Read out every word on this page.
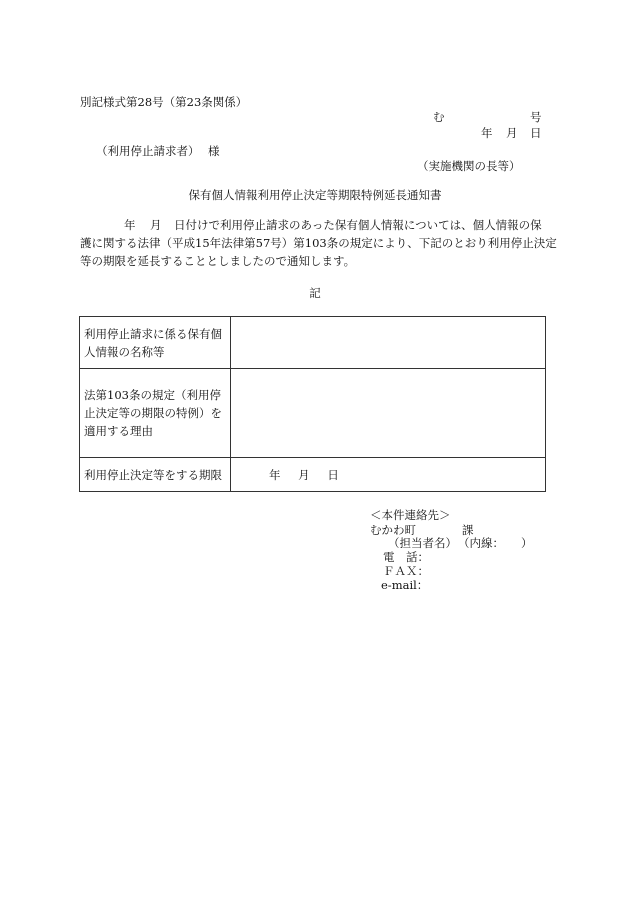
別記様式第28号（第23条関係）
む	号
年 月 日
（利用停止請求者） 様
（実施機関の長等）
保有個人情報利用停止決定等期限特例延長通知書
年 月 日付けで利用停止請求のあった保有個人情報については、個人情報の保
護に関する法律（平成15年法律第57号）第103条の規定により、下記のとおり利用停止決定
等の期限を延長することとしましたので通知します。
記
利用停止請求に係る保有個人情報の名称等	
法第103条の規定（利用停止決定等の期限の特例）を適用する理由	
利用停止決定等をする期限	年 月 日
＜本件連絡先＞
むかわ町	課
（担当者名） （内線： ）
電　話：
ＦＡＸ：
e-mail：
